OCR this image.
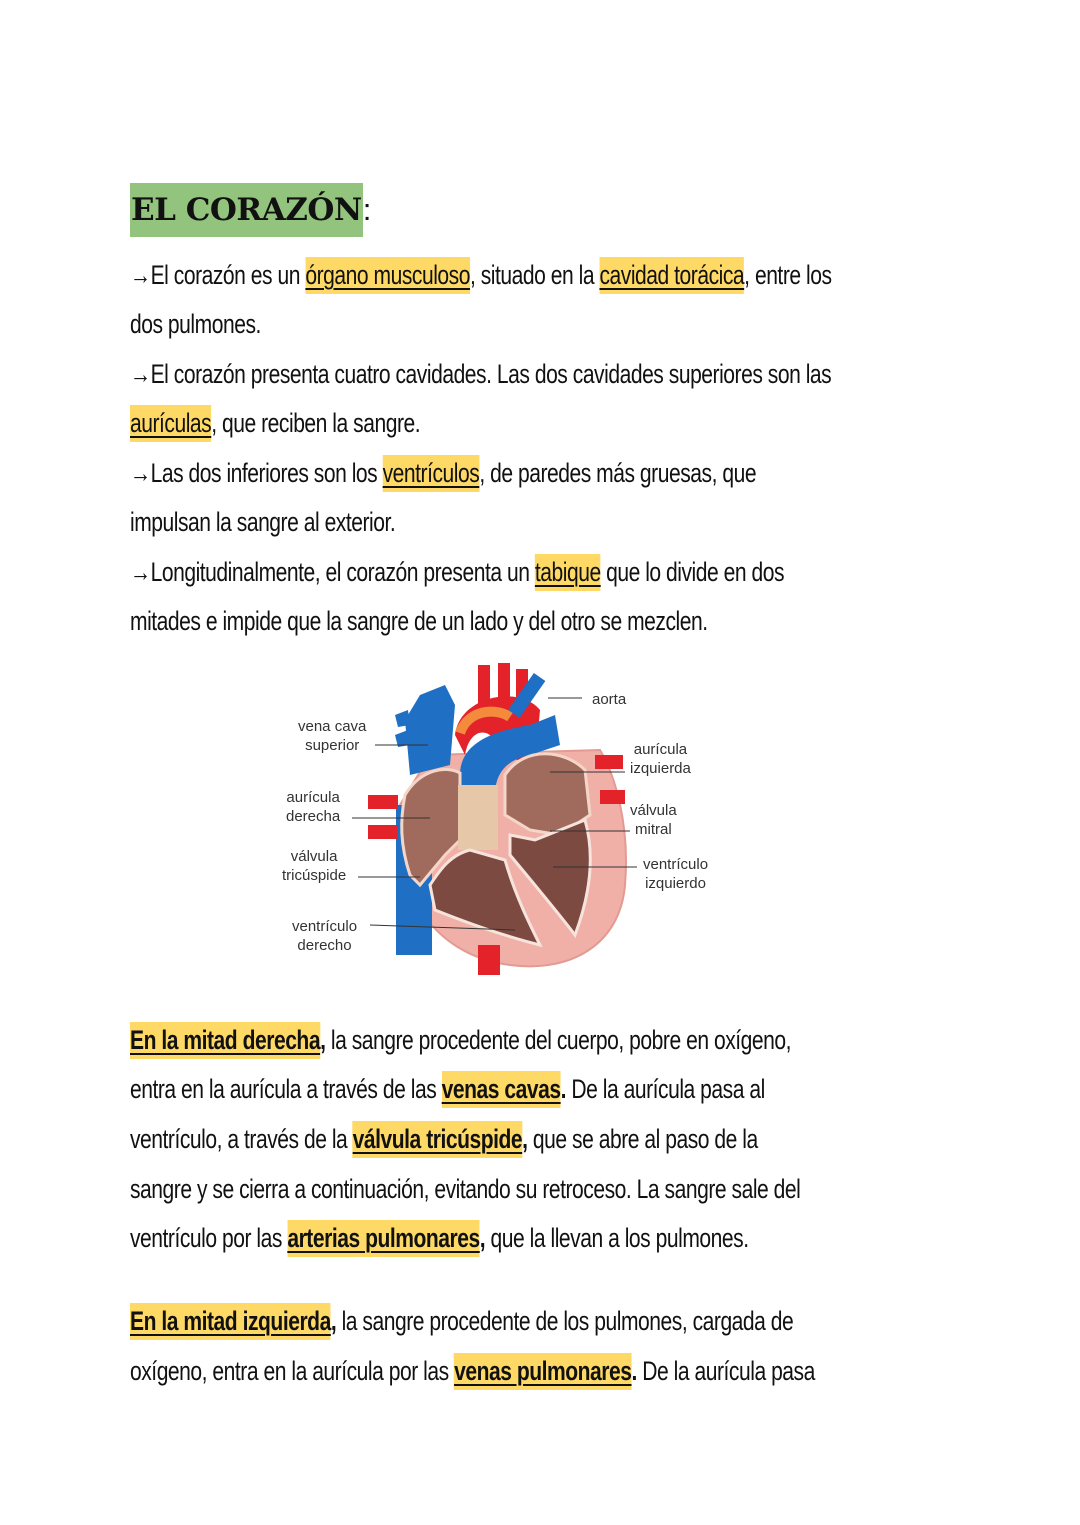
EL CORAZÓN:
→El corazón es un órgano musculoso, situado en la cavidad torácica, entre los
dos pulmones.
→El corazón presenta cuatro cavidades. Las dos cavidades superiores son las
aurículas, que reciben la sangre.
→Las dos inferiores son los ventrículos, de paredes más gruesas, que
impulsan la sangre al exterior.
→Longitudinalmente, el corazón presenta un tabique que lo divide en dos
mitades e impide que la sangre de un lado y del otro se mezclen.
aorta
vena cava
superior	aurícula
izquierda
aurícula
derecha	válvula
mitral
válvula
tricúspide
ventrículo
izquierdo
ventrículo
derecho
En la mitad derecha, la sangre procedente del cuerpo, pobre en oxígeno,
entra en la aurícula a través de las venas cavas. De la aurícula pasa al
ventrículo, a través de la válvula tricúspide, que se abre al paso de la
sangre y se cierra a continuación, evitando su retroceso. La sangre sale del
ventrículo por las arterias pulmonares, que la llevan a los pulmones.
En la mitad izquierda, la sangre procedente de los pulmones, cargada de
oxígeno, entra en la aurícula por las venas pulmonares. De la aurícula pasa
